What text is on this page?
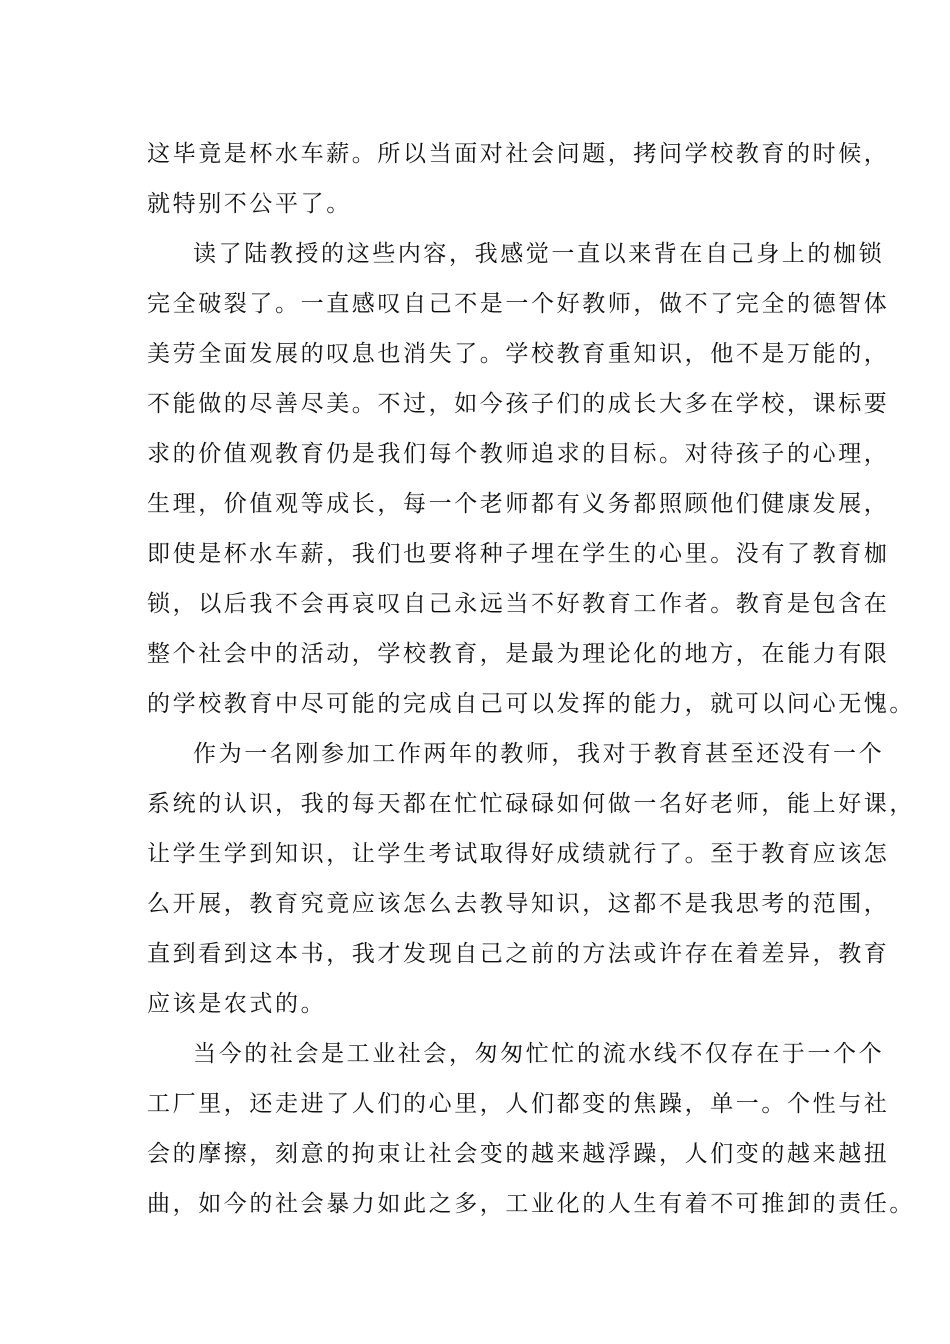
这毕竟是杯水车薪。所以当面对社会问题，拷问学校教育的时候，
就特别不公平了。
读了陆教授的这些内容，我感觉一直以来背在自己身上的枷锁
完全破裂了。一直感叹自己不是一个好教师，做不了完全的德智体
美劳全面发展的叹息也消失了。学校教育重知识，他不是万能的，
不能做的尽善尽美。不过，如今孩子们的成长大多在学校，课标要
求的价值观教育仍是我们每个教师追求的目标。对待孩子的心理，
生理，价值观等成长，每一个老师都有义务都照顾他们健康发展，
即使是杯水车薪，我们也要将种子埋在学生的心里。没有了教育枷
锁，以后我不会再哀叹自己永远当不好教育工作者。教育是包含在
整个社会中的活动，学校教育，是最为理论化的地方，在能力有限
的学校教育中尽可能的完成自己可以发挥的能力，就可以问心无愧。
作为一名刚参加工作两年的教师，我对于教育甚至还没有一个
系统的认识，我的每天都在忙忙碌碌如何做一名好老师，能上好课，
让学生学到知识，让学生考试取得好成绩就行了。至于教育应该怎
么开展，教育究竟应该怎么去教导知识，这都不是我思考的范围，
直到看到这本书，我才发现自己之前的方法或许存在着差异，教育
应该是农式的。
当今的社会是工业社会，匆匆忙忙的流水线不仅存在于一个个
工厂里，还走进了人们的心里，人们都变的焦躁，单一。个性与社
会的摩擦，刻意的拘束让社会变的越来越浮躁，人们变的越来越扭
曲，如今的社会暴力如此之多，工业化的人生有着不可推卸的责任。
